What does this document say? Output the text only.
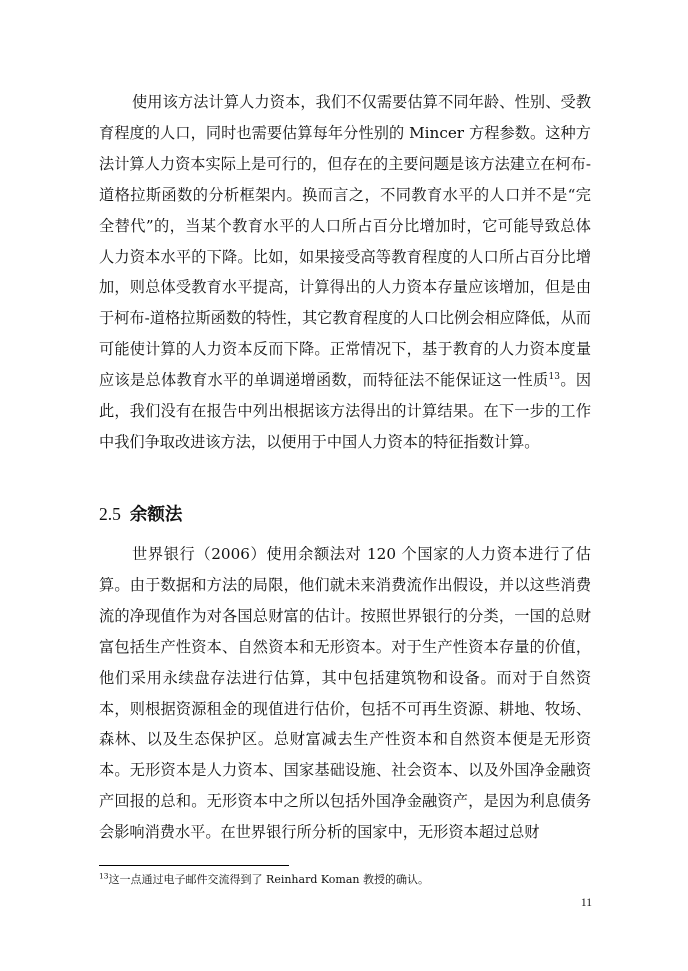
使用该方法计算人力资本，我们不仅需要估算不同年龄、性别、受教育程度的人口，同时也需要估算每年分性别的 Mincer 方程参数。这种方法计算人力资本实际上是可行的，但存在的主要问题是该方法建立在柯布-道格拉斯函数的分析框架内。换而言之，不同教育水平的人口并不是“完全替代”的，当某个教育水平的人口所占百分比增加时，它可能导致总体人力资本水平的下降。比如，如果接受高等教育程度的人口所占百分比增加，则总体受教育水平提高，计算得出的人力资本存量应该增加，但是由于柯布-道格拉斯函数的特性，其它教育程度的人口比例会相应降低，从而可能使计算的人力资本反而下降。正常情况下，基于教育的人力资本度量应该是总体教育水平的单调递增函数，而特征法不能保证这一性质$^{13}$。因此，我们没有在报告中列出根据该方法得出的计算结果。在下一步的工作中我们争取改进该方法，以便用于中国人力资本的特征指数计算。

2.5 余额法

世界银行（2006）使用余额法对 120 个国家的人力资本进行了估算。由于数据和方法的局限，他们就未来消费流作出假设，并以这些消费流的净现值作为对各国总财富的估计。按照世界银行的分类，一国的总财富包括生产性资本、自然资本和无形资本。对于生产性资本存量的价值，他们采用永续盘存法进行估算，其中包括建筑物和设备。而对于自然资本，则根据资源租金的现值进行估价，包括不可再生资源、耕地、牧场、森林、以及生态保护区。总财富减去生产性资本和自然资本便是无形资本。无形资本是人力资本、国家基础设施、社会资本、以及外国净金融资产回报的总和。无形资本中之所以包括外国净金融资产，是因为利息债务会影响消费水平。在世界银行所分析的国家中，无形资本超过总财

$^{13}$这一点通过电子邮件交流得到了 Reinhard Koman 教授的确认。

11
